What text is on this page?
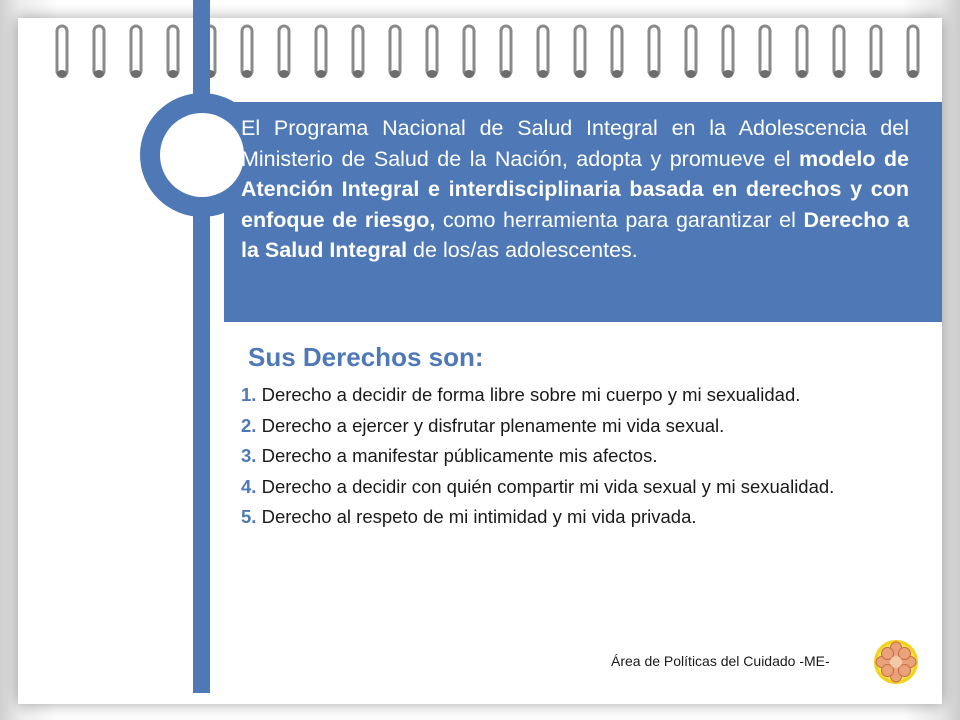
El Programa Nacional de Salud Integral en la Adolescencia del Ministerio de Salud de la Nación, adopta y promueve el modelo de Atención Integral e interdisciplinaria basada en derechos y con enfoque de riesgo, como herramienta para garantizar el Derecho a la Salud Integral de los/as adolescentes.
Sus Derechos son:

1. Derecho a decidir de forma libre sobre mi cuerpo y mi sexualidad.

2. Derecho a ejercer y disfrutar plenamente mi vida sexual.

3. Derecho a manifestar públicamente mis afectos.

4. Derecho a decidir con quién compartir mi vida sexual y mi sexualidad.

5. Derecho al respeto de mi intimidad y mi vida privada.

Área de Políticas del Cuidado -ME-
